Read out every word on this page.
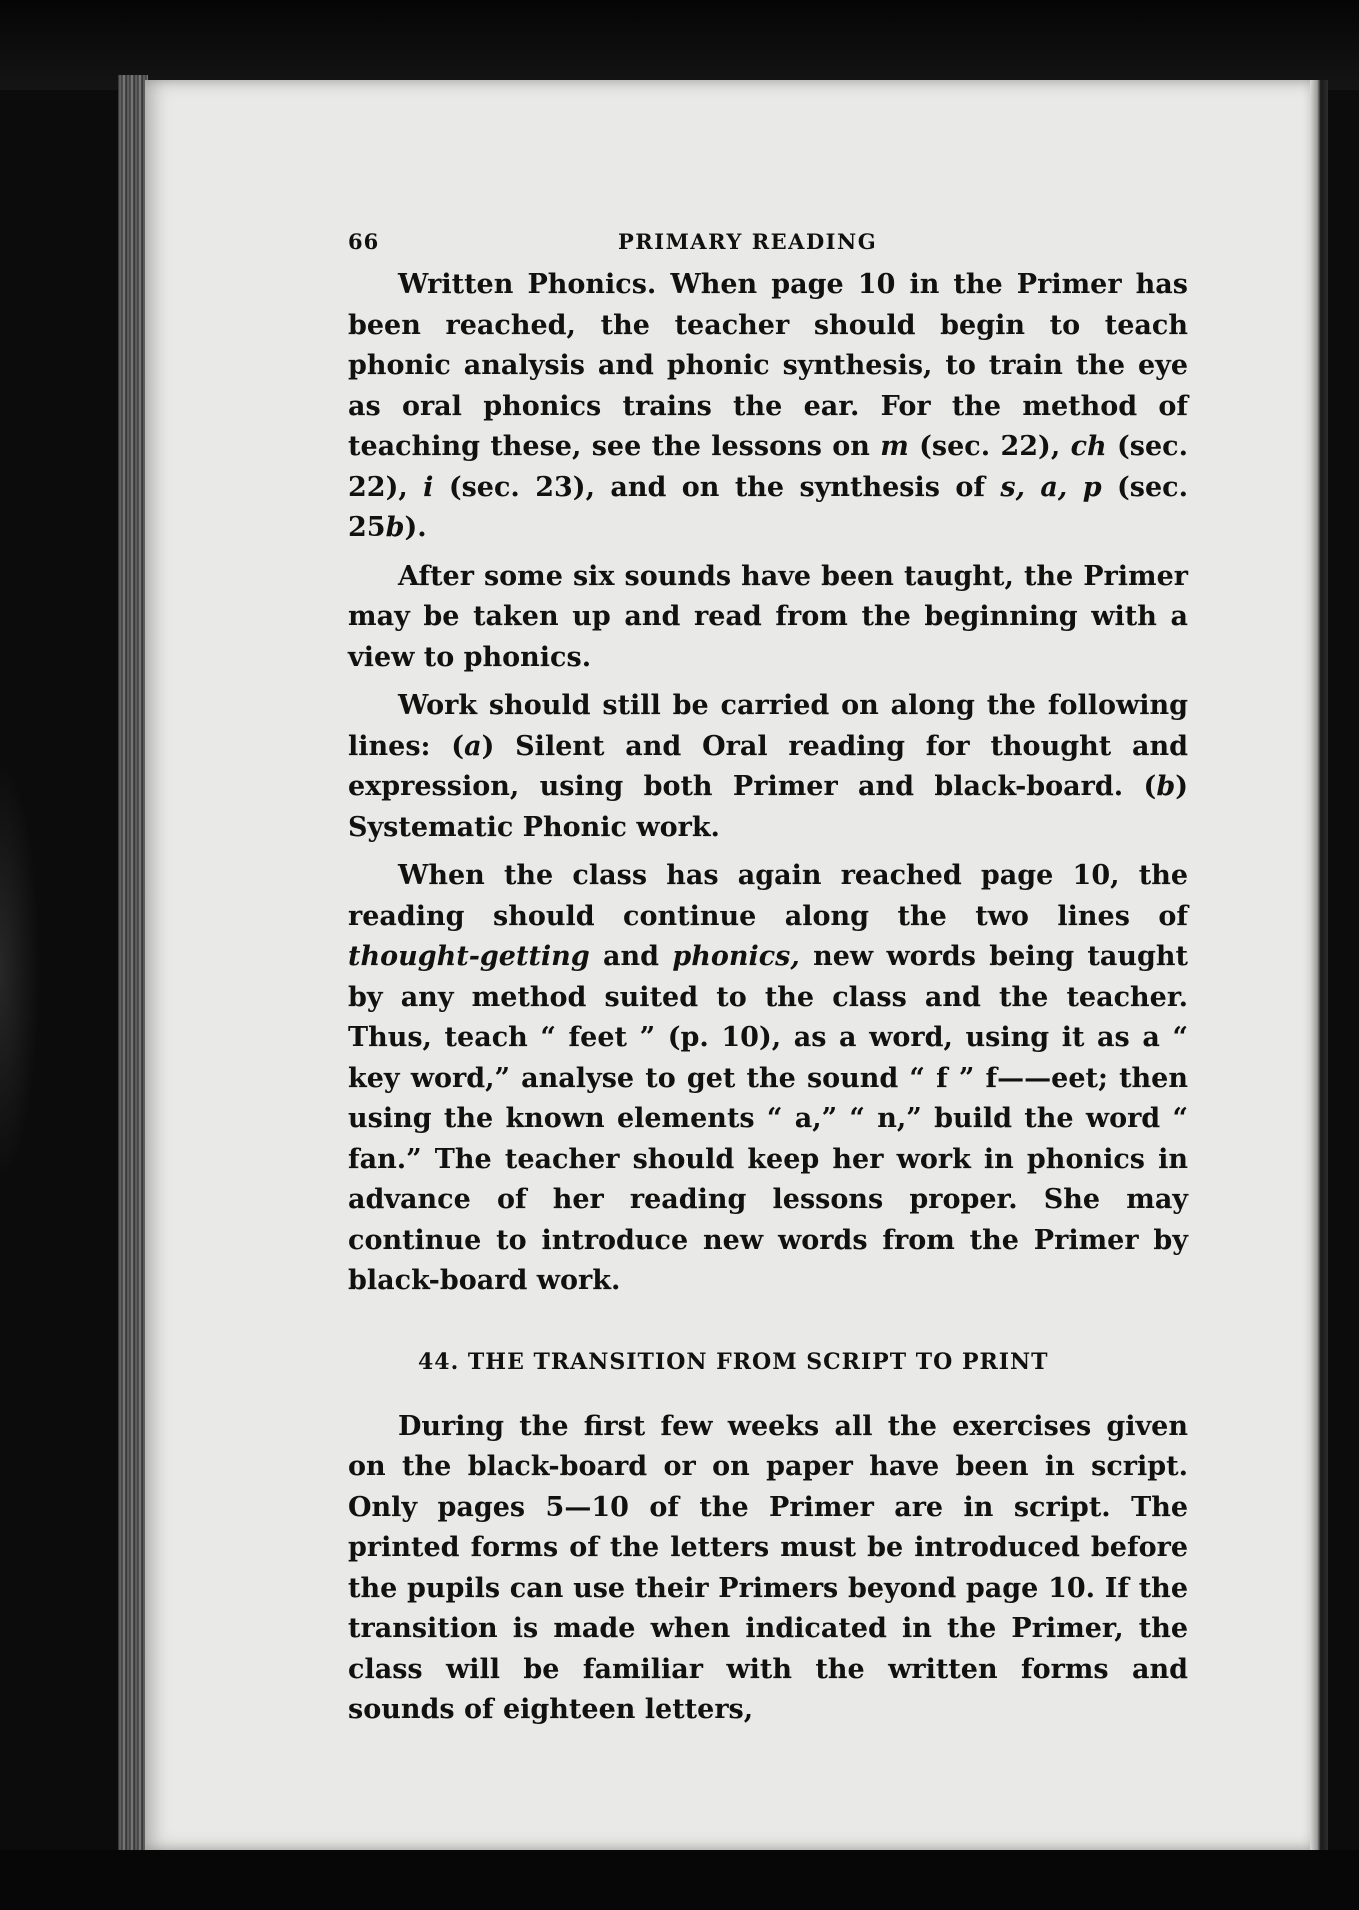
66	PRIMARY READING

Written Phonics. When page 10 in the Primer has been reached, the teacher should begin to teach phonic analysis and phonic synthesis, to train the eye as oral phonics trains the ear. For the method of teaching these, see the lessons on m (sec. 22), ch (sec. 22), i (sec. 23), and on the synthesis of s, a, p (sec. 25b).

After some six sounds have been taught, the Primer may be taken up and read from the beginning with a view to phonics.

Work should still be carried on along the following lines: (a) Silent and Oral reading for thought and expression, using both Primer and black-board. (b) Systematic Phonic work.

When the class has again reached page 10, the reading should continue along the two lines of thought-getting and phonics, new words being taught by any method suited to the class and the teacher. Thus, teach “ feet ” (p. 10), as a word, using it as a “ key word,” analyse to get the sound “ f ” f——eet; then using the known elements “ a,” “ n,” build the word “ fan.” The teacher should keep her work in phonics in advance of her reading lessons proper. She may continue to introduce new words from the Primer by black-board work.

44. THE TRANSITION FROM SCRIPT TO PRINT

During the first few weeks all the exercises given on the black-board or on paper have been in script. Only pages 5—10 of the Primer are in script. The printed forms of the letters must be introduced before the pupils can use their Primers beyond page 10. If the transition is made when indicated in the Primer, the class will be familiar with the written forms and sounds of eighteen letters,
